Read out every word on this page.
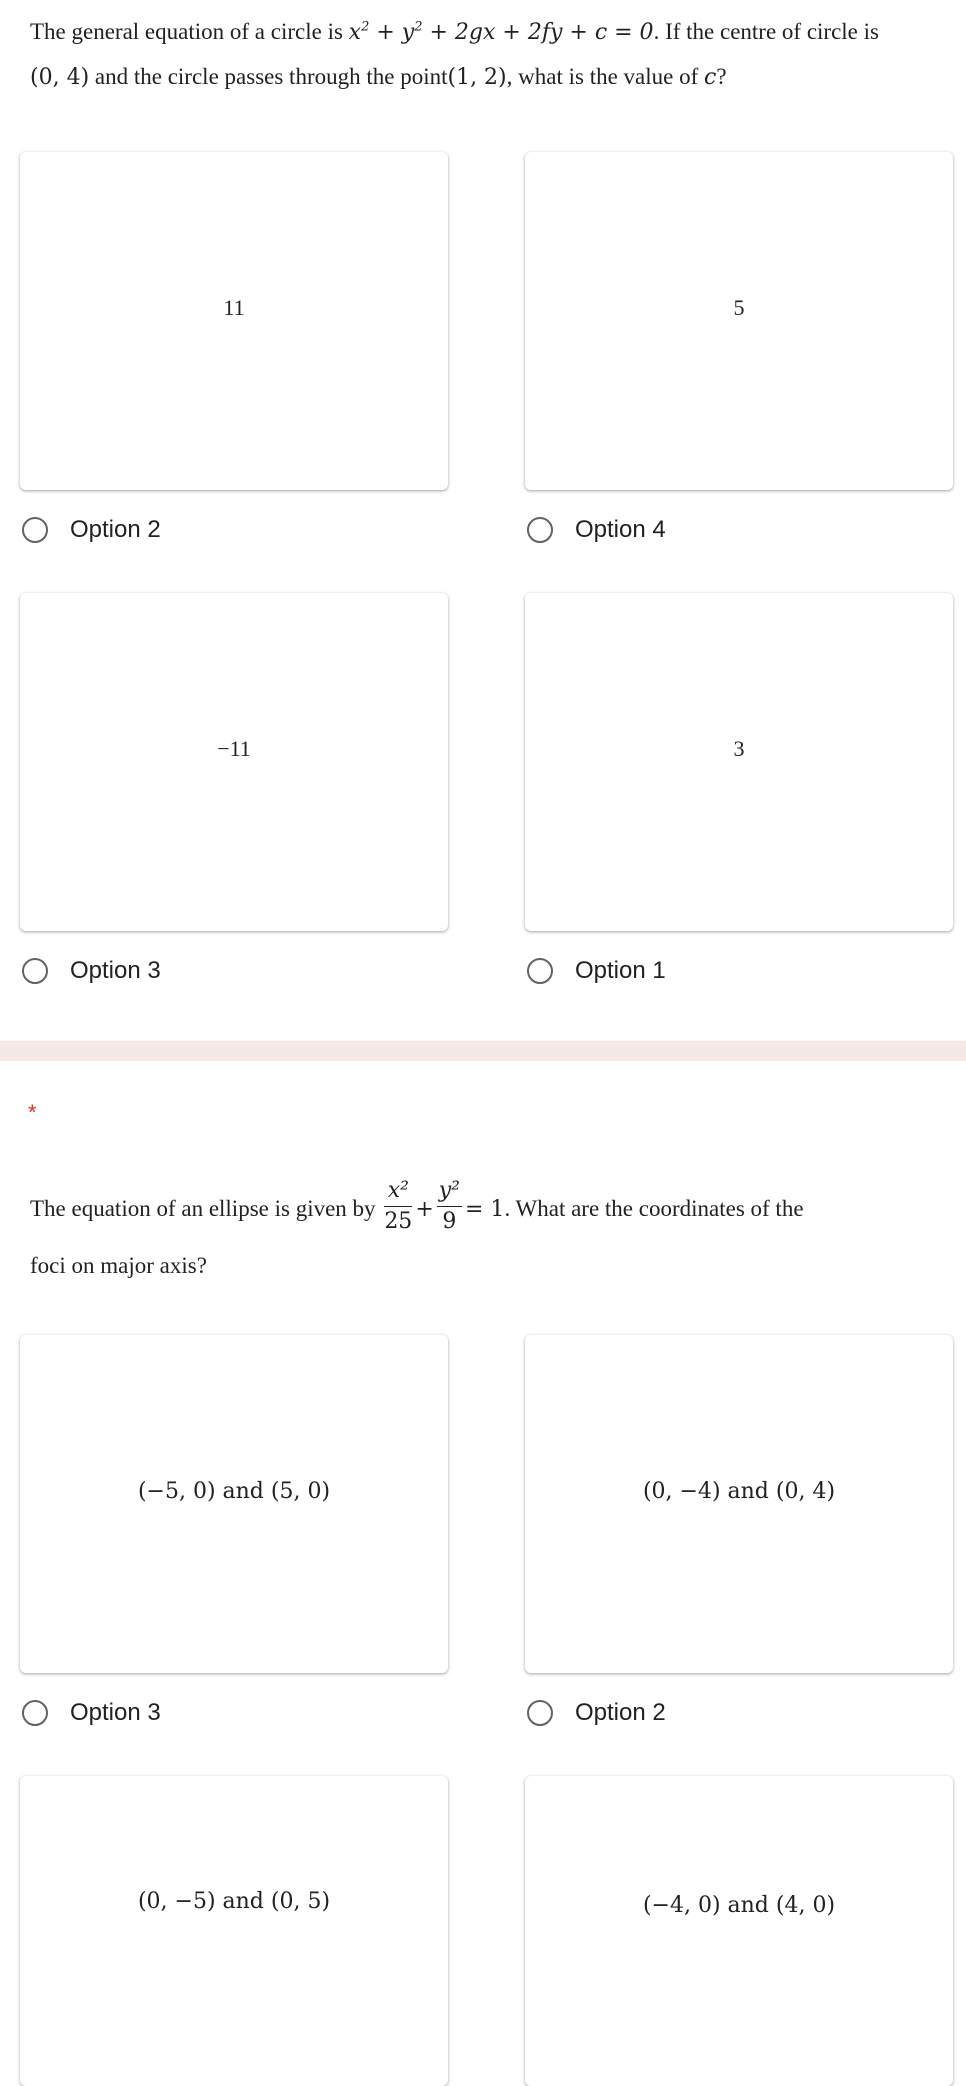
The general equation of a circle is $x^2 + y^2 + 2gx + 2fy + c = 0$. If the centre of circle is
(0, 4) and the circle passes through the point(1, 2), what is the value of c?
11	5
Option 2	Option 4
−11	3
Option 3	Option 1
*
The equation of an ellipse is given by $\frac{\text{x²}}{25} + \frac{\text{y²}}{9} = 1$. What are the coordinates of the
foci on major axis?
(−5, 0) and (5, 0)	(0, −4) and (0, 4)
Option 3	Option 2
(0, −5) and (0, 5)	(−4, 0) and (4, 0)
